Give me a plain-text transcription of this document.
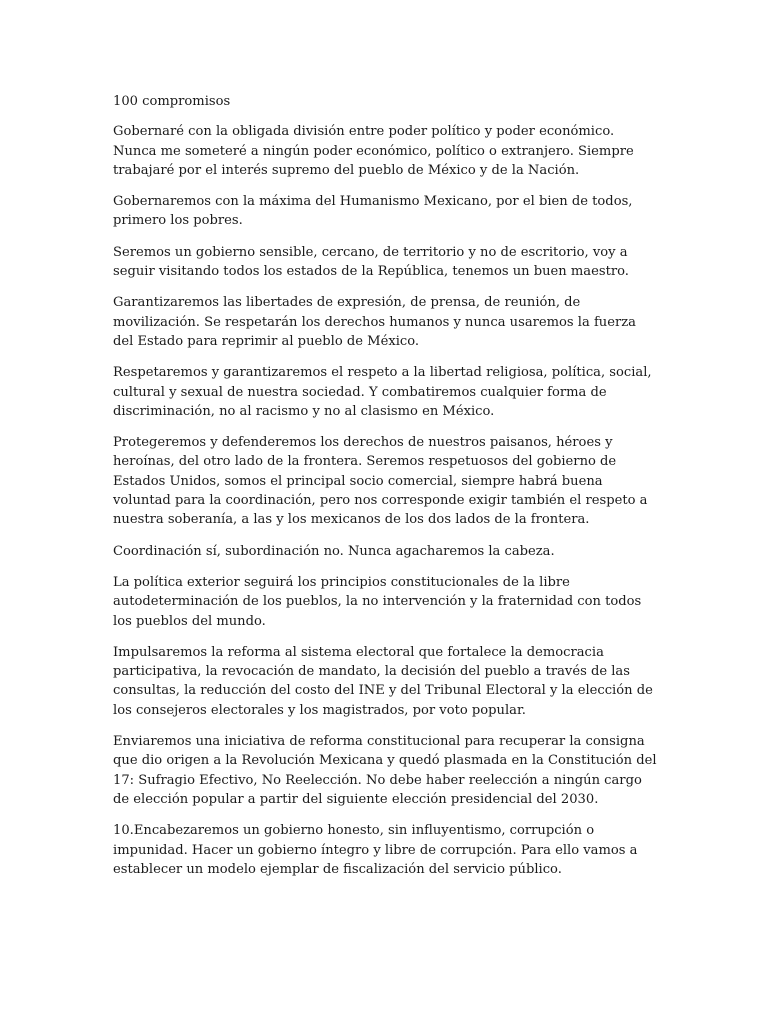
100 compromisos

Gobernaré con la obligada división entre poder político y poder económico. Nunca me someteré a ningún poder económico, político o extranjero. Siempre trabajaré por el interés supremo del pueblo de México y de la Nación.

Gobernaremos con la máxima del Humanismo Mexicano, por el bien de todos, primero los pobres.

Seremos un gobierno sensible, cercano, de territorio y no de escritorio, voy a seguir visitando todos los estados de la República, tenemos un buen maestro.

Garantizaremos las libertades de expresión, de prensa, de reunión, de movilización. Se respetarán los derechos humanos y nunca usaremos la fuerza del Estado para reprimir al pueblo de México.

Respetaremos y garantizaremos el respeto a la libertad religiosa, política, social, cultural y sexual de nuestra sociedad. Y combatiremos cualquier forma de discriminación, no al racismo y no al clasismo en México.

Protegeremos y defenderemos los derechos de nuestros paisanos, héroes y heroínas, del otro lado de la frontera. Seremos respetuosos del gobierno de Estados Unidos, somos el principal socio comercial, siempre habrá buena voluntad para la coordinación, pero nos corresponde exigir también el respeto a nuestra soberanía, a las y los mexicanos de los dos lados de la frontera.

Coordinación sí, subordinación no. Nunca agacharemos la cabeza.

La política exterior seguirá los principios constitucionales de la libre autodeterminación de los pueblos, la no intervención y la fraternidad con todos los pueblos del mundo.

Impulsaremos la reforma al sistema electoral que fortalece la democracia participativa, la revocación de mandato, la decisión del pueblo a través de las consultas, la reducción del costo del INE y del Tribunal Electoral y la elección de los consejeros electorales y los magistrados, por voto popular.

Enviaremos una iniciativa de reforma constitucional para recuperar la consigna que dio origen a la Revolución Mexicana y quedó plasmada en la Constitución del 17: Sufragio Efectivo, No Reelección. No debe haber reelección a ningún cargo de elección popular a partir del siguiente elección presidencial del 2030.

10.Encabezaremos un gobierno honesto, sin influyentismo, corrupción o impunidad. Hacer un gobierno íntegro y libre de corrupción. Para ello vamos a establecer un modelo ejemplar de fiscalización del servicio público.
